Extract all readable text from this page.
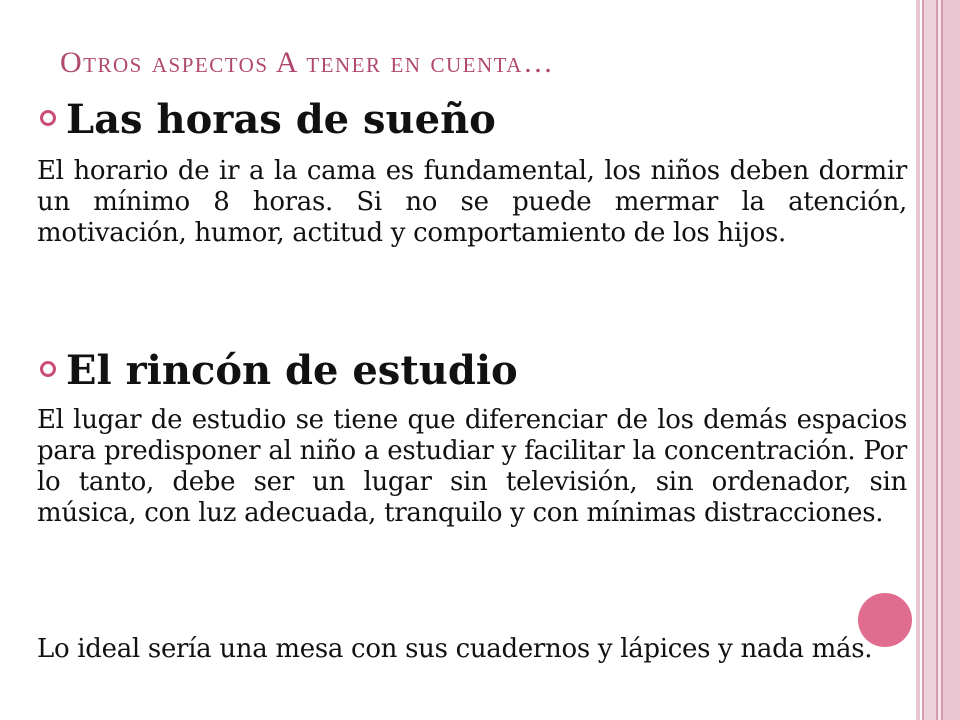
Otros aspectos A tener en cuenta…
Las horas de sueño
El horario de ir a la cama es fundamental, los niños deben dormir un mínimo 8 horas. Si no se puede mermar la atención, motivación, humor, actitud y comportamiento de los hijos.
El rincón de estudio
El lugar de estudio se tiene que diferenciar de los demás espacios para predisponer al niño a estudiar y facilitar la concentración. Por lo tanto, debe ser un lugar sin televisión, sin ordenador, sin música, con luz adecuada, tranquilo y con mínimas distracciones.
Lo ideal sería una mesa con sus cuadernos y lápices y nada más.
